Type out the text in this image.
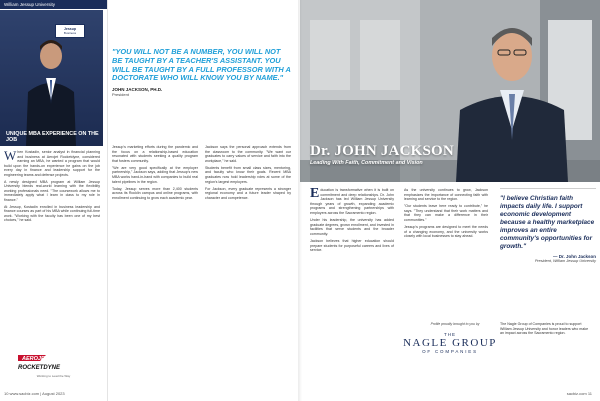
William Jessup University
Jessup
Business
UNIQUE MBA EXPERIENCE ON THE JOB

When Kostadin, senior analyst in financial planning and business at Aerojet Rocketdyne, considered earning an MBA, he wanted a program that would build upon the hands-on experience he gains on the job every day in finance and leadership support for the engineering teams and defense projects.

A newly designed MBA program at William Jessup University blends real-world learning with the flexibility working professionals need. "The coursework allows me to immediately apply what I learn in class to my role in finance."

At Jessup, Kostadin enrolled in business leadership and finance courses as part of his MBA while continuing full-time work. "Working with the faculty has been one of my best choices," he said.

AEROJET
ROCKETDYNE
Working to Lead the Way

"YOU WILL NOT BE A NUMBER, YOU WILL NOT BE TAUGHT BY A TEACHER'S ASSISTANT. YOU WILL BE TAUGHT BY A FULL PROFESSOR WITH A DOCTORATE WHO WILL KNOW YOU BY NAME."

JOHN JACKSON, PH.D.
President

Jessup's marketing efforts during the pandemic and the focus on a relationship-based education resonated with students seeking a quality program that fosters community.

"We are very good specifically at the employer partnership," Jackson says, adding that Jessup's new MBA works hand-in-hand with companies to build real talent pipelines in the region.

Today, Jessup serves more than 2,400 students across its Rocklin campus and online programs, with enrollment continuing to grow each academic year.

Jackson says the personal approach extends from the classroom to the community. "We want our graduates to carry values of service and faith into the workplace," he said.

Students benefit from small class sizes, mentoring, and faculty who know their goals. Recent MBA graduates now hold leadership roles at some of the region's largest employers.

For Jackson, every graduate represents a stronger regional economy and a future leader shaped by character and competence.

10 www.sacbiz.com | August 2023
Dr. JOHN JACKSON
Leading With Faith, Commitment and Vision

Education is transformative when it is built on commitment and deep relationships. Dr. John Jackson has led William Jessup University through years of growth, expanding academic programs and strengthening partnerships with employers across the Sacramento region.

Under his leadership, the university has added graduate degrees, grown enrollment, and invested in facilities that serve students and the broader community.

Jackson believes that higher education should prepare students for purposeful careers and lives of service.

As the university continues to grow, Jackson emphasizes the importance of connecting faith with learning and service to the region.

"Our students leave here ready to contribute," he says. "They understand that their work matters and that they can make a difference in their communities."

Jessup's programs are designed to meet the needs of a changing economy, and the university works closely with local businesses to stay ahead.

"I believe Christian faith impacts daily life. I support economic development because a healthy marketplace improves an entire community's opportunities for growth."
— Dr. John Jackson
President, William Jessup University
The Nagle Group of Companies is proud to support William Jessup University and honor leaders who make an impact across the Sacramento region.
Profile proudly brought to you by
THE
NAGLE GROUP
OF COMPANIES
sacbiz.com 11
